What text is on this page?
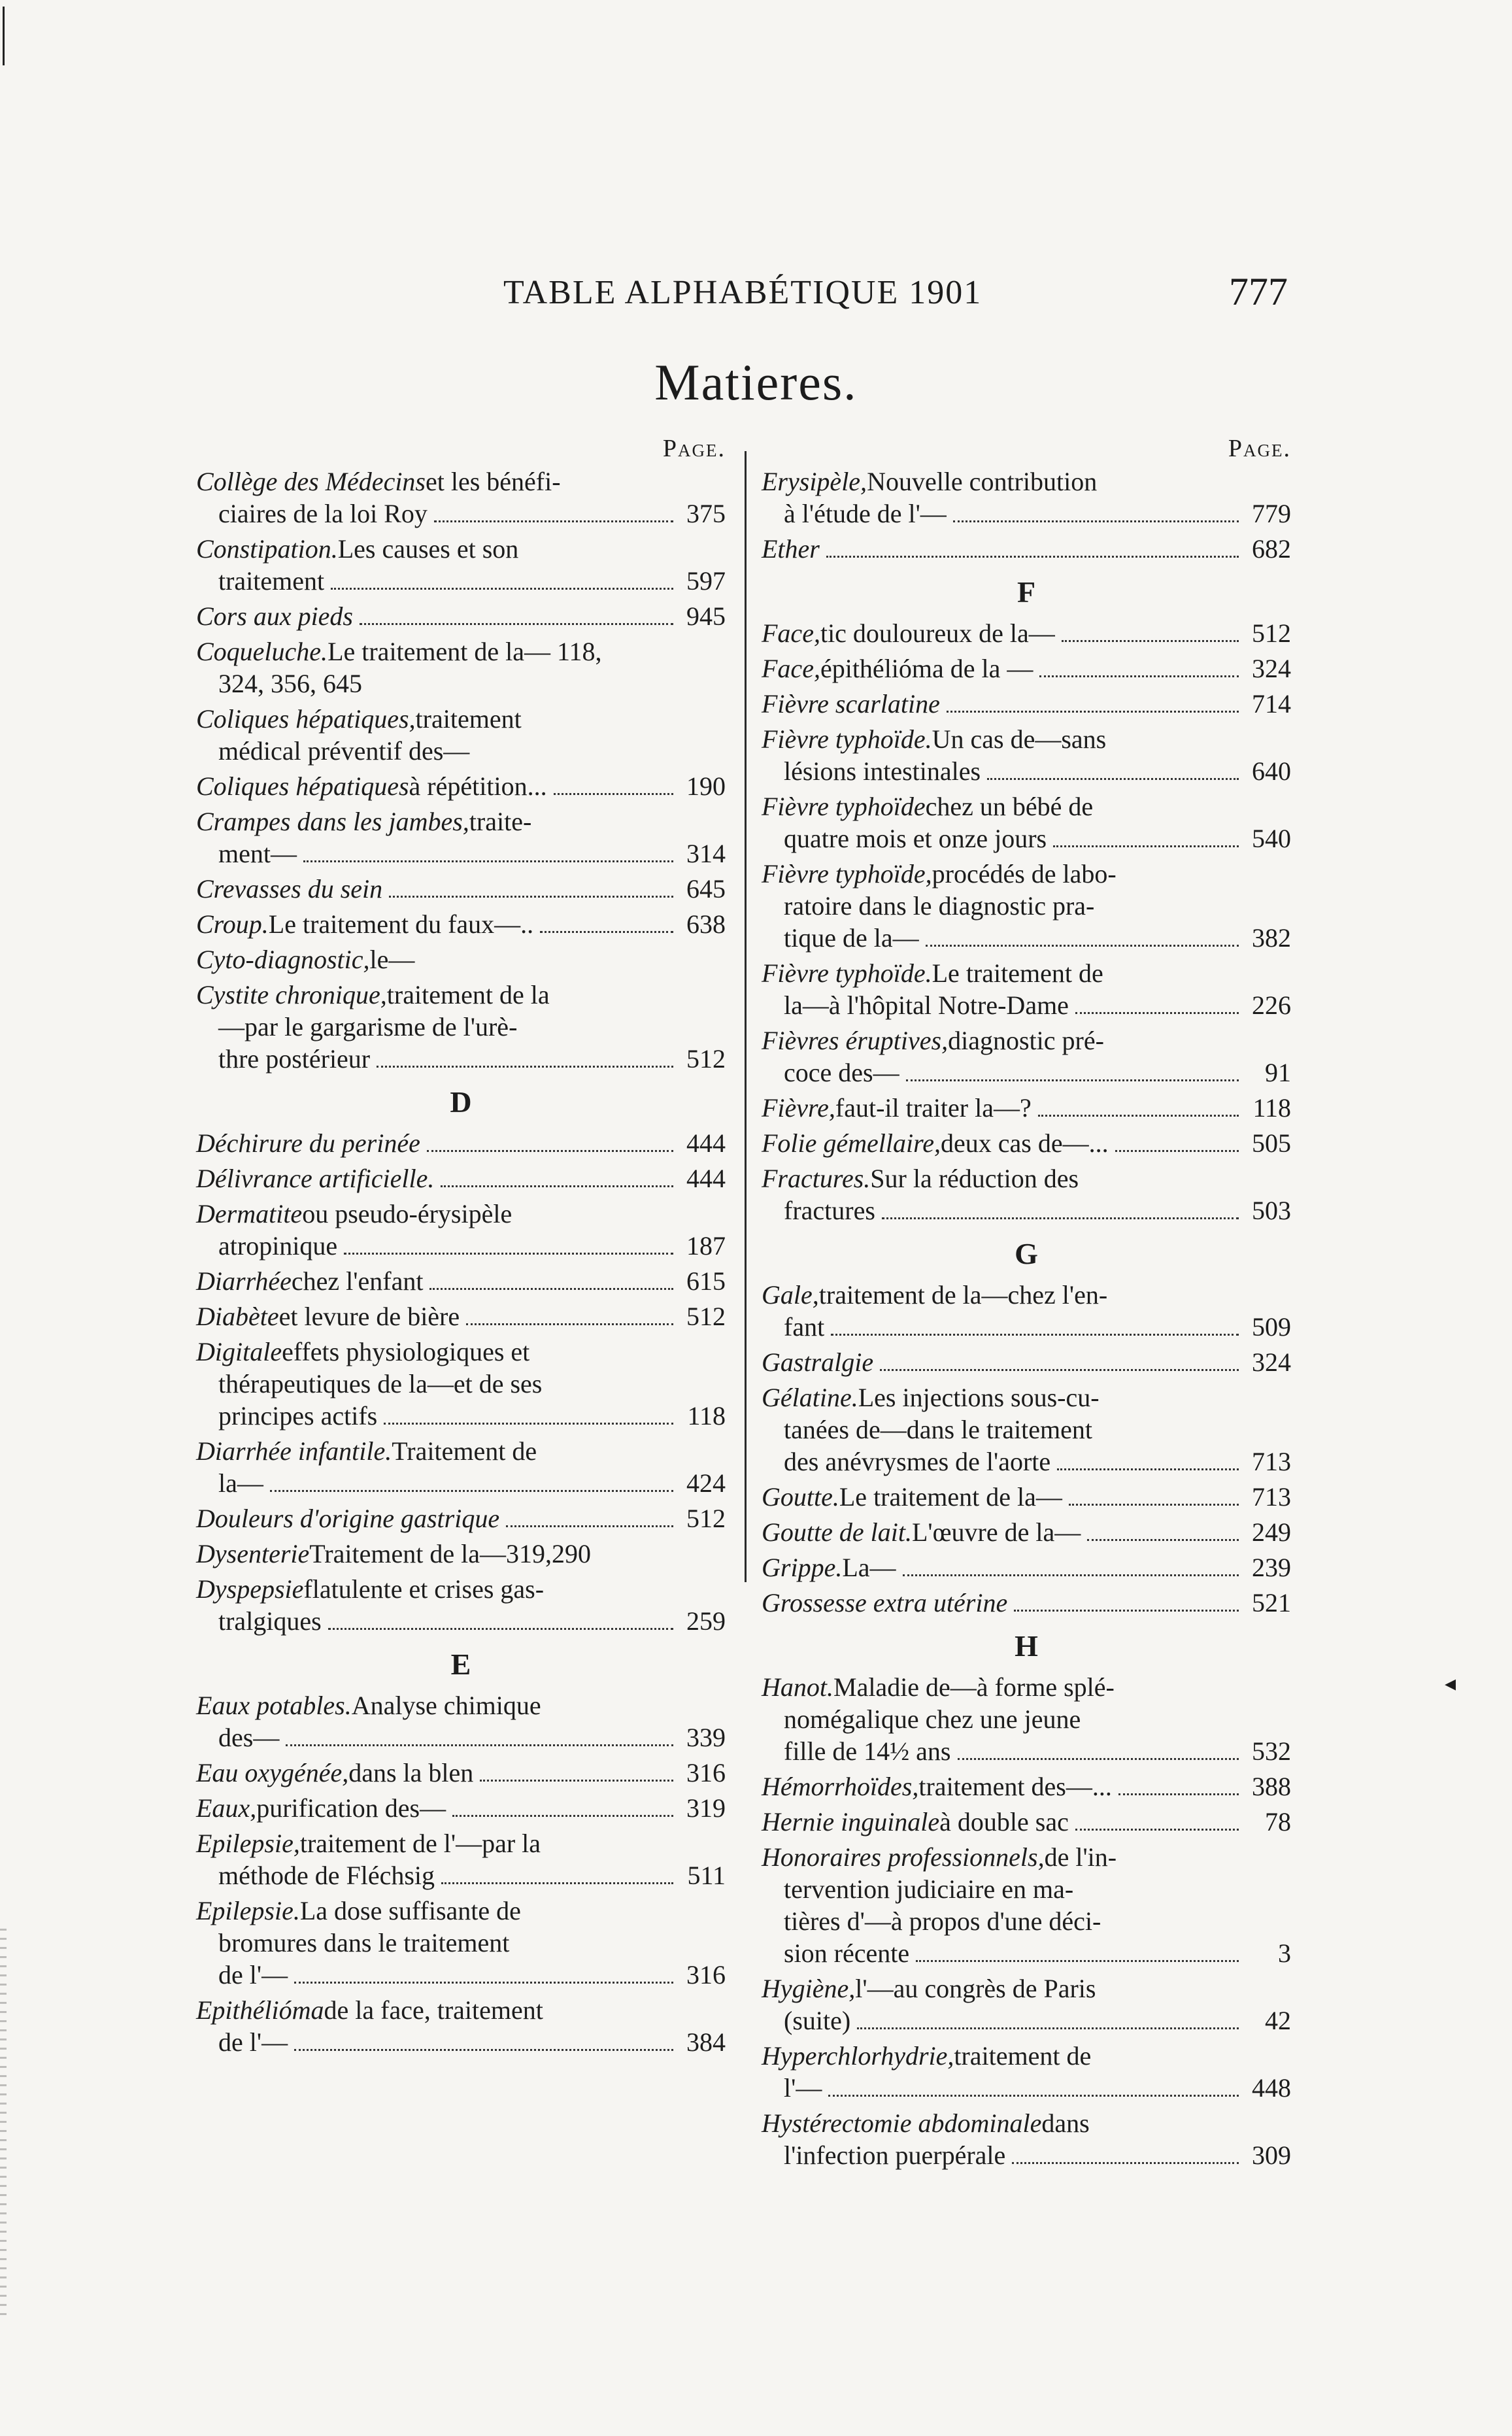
TABLE ALPHABÉTIQUE 1901	777
Matieres.
Page.
Collège des Médecins et les bénéfi-
ciaires de la loi Roy	375
Constipation. Les causes et son
traitement	597
Cors aux pieds	945
Coqueluche. Le traitement de la— 118,
324, 356, 645
Coliques hépatiques, traitement
médical préventif des—
Coliques hépatiques à répétition...	190
Crampes dans les jambes, traite-
ment—	314
Crevasses du sein	645
Croup. Le traitement du faux—..	638
Cyto-diagnostic, le—
Cystite chronique, traitement de la
—par le gargarisme de l'urè-
thre postérieur	512
D
Déchirure du perinée	444
Délivrance artificielle.	444
Dermatite ou pseudo-érysipèle
atropinique	187
Diarrhée chez l'enfant	615
Diabète et levure de bière	512
Digitale effets physiologiques et
thérapeutiques de la—et de ses
principes actifs	118
Diarrhée infantile. Traitement de
la—	424
Douleurs d'origine gastrique	512
Dysenterie Traitement de la—319,290
Dyspepsie flatulente et crises gas-
tralgiques	259
E
Eaux potables. Analyse chimique
des—	339
Eau oxygénée, dans la blen	316
Eaux, purification des—	319
Epilepsie, traitement de l'—par la
méthode de Fléchsig	511
Epilepsie. La dose suffisante de
bromures dans le traitement
de l'—	316
Epithélióma de la face, traitement
de l'—	384
Page.
Erysipèle, Nouvelle contribution
à l'étude de l'—	779
Ether	682
F
Face, tic douloureux de la—	512
Face, épithélióma de la —	324
Fièvre scarlatine	714
Fièvre typhoïde. Un cas de—sans
lésions intestinales	640
Fièvre typhoïde chez un bébé de
quatre mois et onze jours	540
Fièvre typhoïde, procédés de labo-
ratoire dans le diagnostic pra-
tique de la—	382
Fièvre typhoïde. Le traitement de
la—à l'hôpital Notre-Dame	226
Fièvres éruptives, diagnostic pré-
coce des—	91
Fièvre, faut-il traiter la—?	118
Folie gémellaire, deux cas de—...	505
Fractures. Sur la réduction des
fractures	503
G
Gale, traitement de la—chez l'en-
fant	509
Gastralgie	324
Gélatine. Les injections sous-cu-
tanées de—dans le traitement
des anévrysmes de l'aorte	713
Goutte. Le traitement de la—	713
Goutte de lait. L'œuvre de la—	249
Grippe. La—	239
Grossesse extra utérine	521
H
Hanot. Maladie de—à forme splé-
nomégalique chez une jeune
fille de 14½ ans	532
Hémorrhoïdes, traitement des—...	388
Hernie inguinale à double sac	78
Honoraires professionnels, de l'in-
tervention judiciaire en ma-
tières d'—à propos d'une déci-
sion récente	3
Hygiène, l'—au congrès de Paris
(suite)	42
Hyperchlorhydrie, traitement de
l'—	448
Hystérectomie abdominale dans
l'infection puerpérale	309
◂
